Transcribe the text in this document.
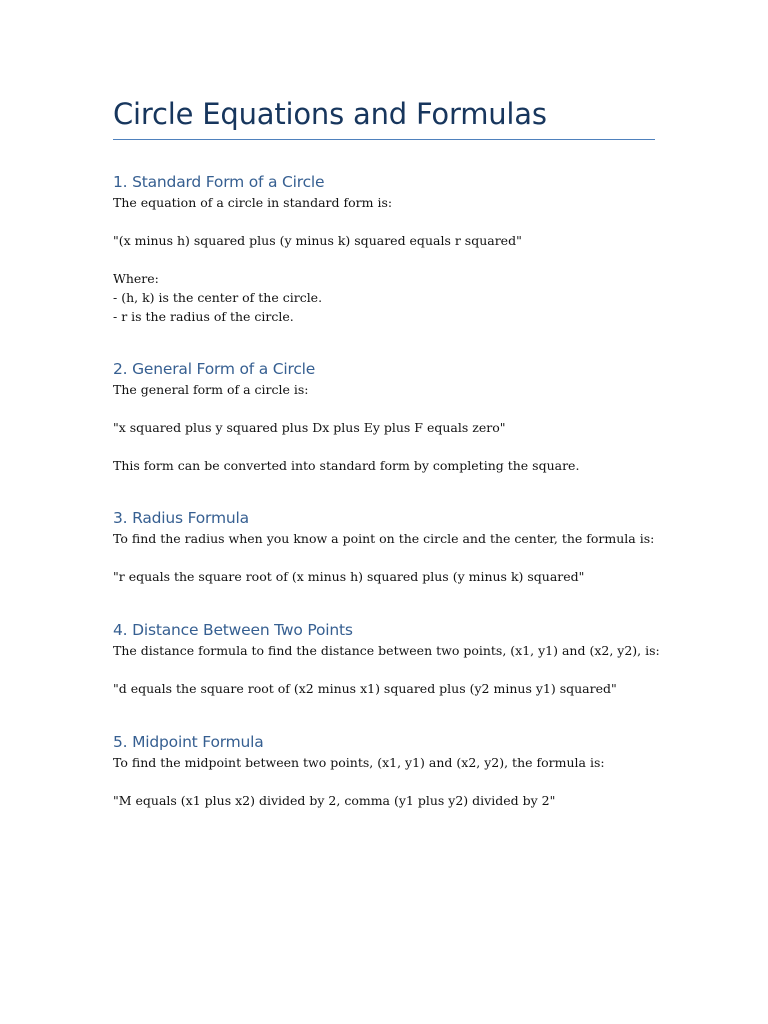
Circle Equations and Formulas
1. Standard Form of a Circle

The equation of a circle in standard form is:

"(x minus h) squared plus (y minus k) squared equals r squared"

Where:

- (h, k) is the center of the circle.

- r is the radius of the circle.

2. General Form of a Circle

The general form of a circle is:

"x squared plus y squared plus Dx plus Ey plus F equals zero"

This form can be converted into standard form by completing the square.

3. Radius Formula

To find the radius when you know a point on the circle and the center, the formula is:

"r equals the square root of (x minus h) squared plus (y minus k) squared"

4. Distance Between Two Points

The distance formula to find the distance between two points, (x1, y1) and (x2, y2), is:

"d equals the square root of (x2 minus x1) squared plus (y2 minus y1) squared"

5. Midpoint Formula

To find the midpoint between two points, (x1, y1) and (x2, y2), the formula is:

"M equals (x1 plus x2) divided by 2, comma (y1 plus y2) divided by 2"
